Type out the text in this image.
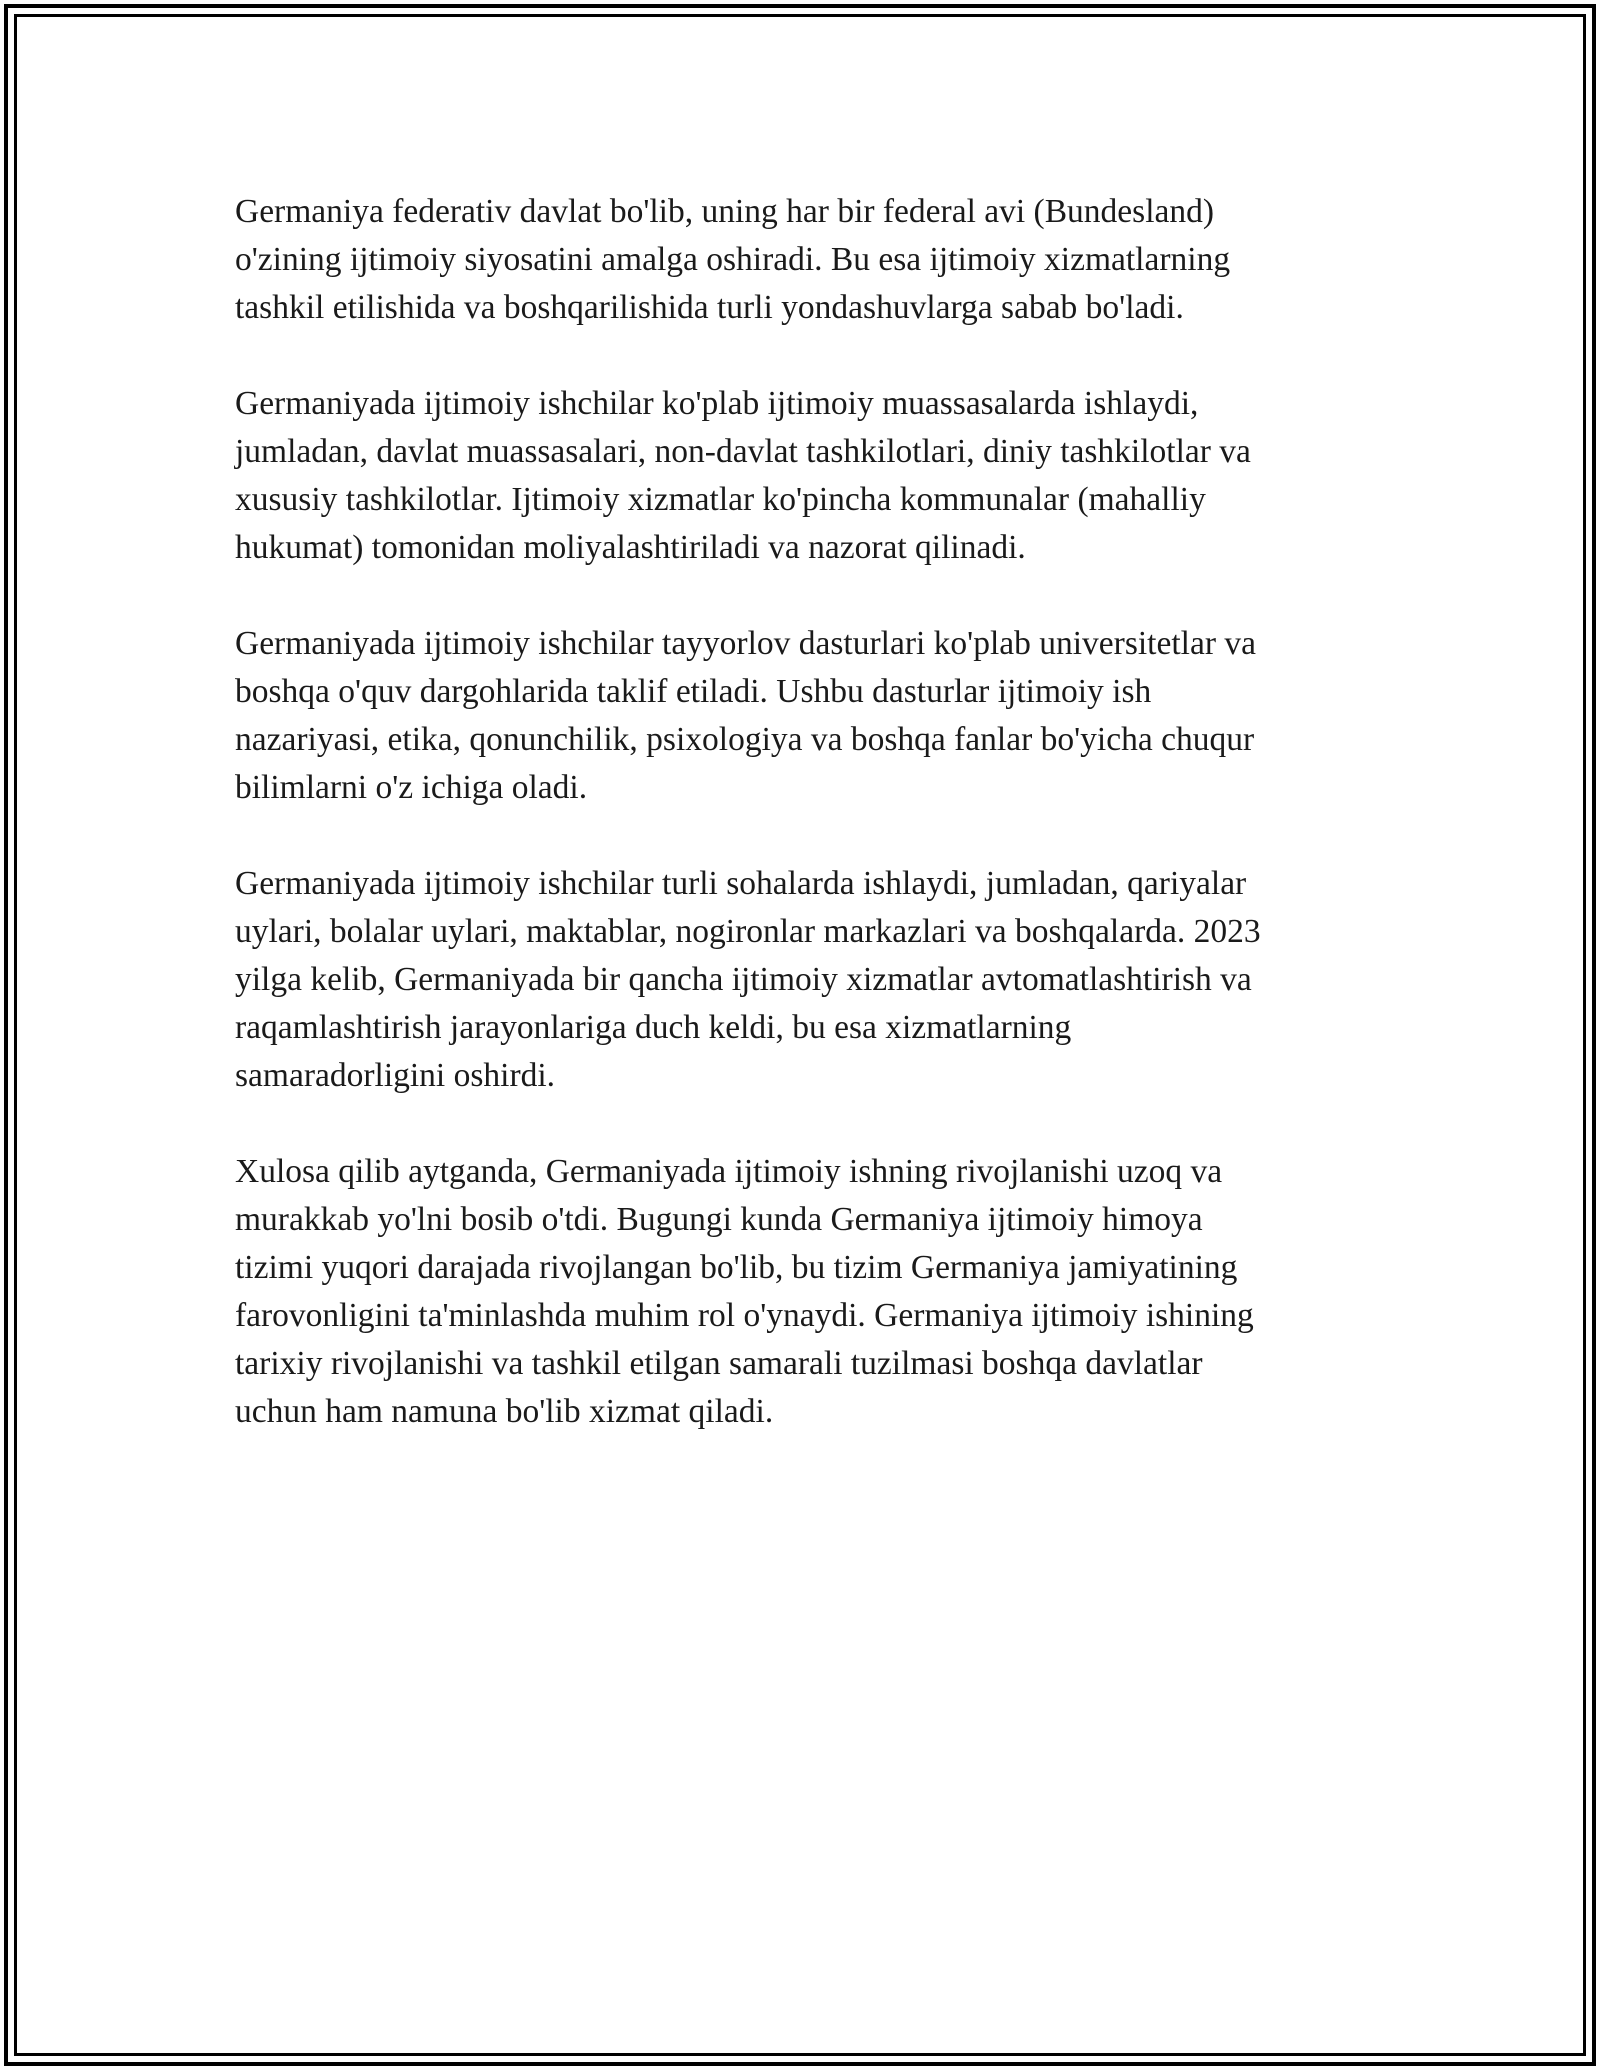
Germaniya federativ davlat bo'lib, uning har bir federal avi (Bundesland)
o'zining ijtimoiy siyosatini amalga oshiradi. Bu esa ijtimoiy xizmatlarning
tashkil etilishida va boshqarilishida turli yondashuvlarga sabab bo'ladi.

Germaniyada ijtimoiy ishchilar ko'plab ijtimoiy muassasalarda ishlaydi,
jumladan, davlat muassasalari, non-davlat tashkilotlari, diniy tashkilotlar va
xususiy tashkilotlar. Ijtimoiy xizmatlar ko'pincha kommunalar (mahalliy
hukumat) tomonidan moliyalashtiriladi va nazorat qilinadi.

Germaniyada ijtimoiy ishchilar tayyorlov dasturlari ko'plab universitetlar va
boshqa o'quv dargohlarida taklif etiladi. Ushbu dasturlar ijtimoiy ish
nazariyasi, etika, qonunchilik, psixologiya va boshqa fanlar bo'yicha chuqur
bilimlarni o'z ichiga oladi.

Germaniyada ijtimoiy ishchilar turli sohalarda ishlaydi, jumladan, qariyalar
uylari, bolalar uylari, maktablar, nogironlar markazlari va boshqalarda. 2023
yilga kelib, Germaniyada bir qancha ijtimoiy xizmatlar avtomatlashtirish va
raqamlashtirish jarayonlariga duch keldi, bu esa xizmatlarning
samaradorligini oshirdi.

Xulosa qilib aytganda, Germaniyada ijtimoiy ishning rivojlanishi uzoq va
murakkab yo'lni bosib o'tdi. Bugungi kunda Germaniya ijtimoiy himoya
tizimi yuqori darajada rivojlangan bo'lib, bu tizim Germaniya jamiyatining
farovonligini ta'minlashda muhim rol o'ynaydi. Germaniya ijtimoiy ishining
tarixiy rivojlanishi va tashkil etilgan samarali tuzilmasi boshqa davlatlar
uchun ham namuna bo'lib xizmat qiladi.
